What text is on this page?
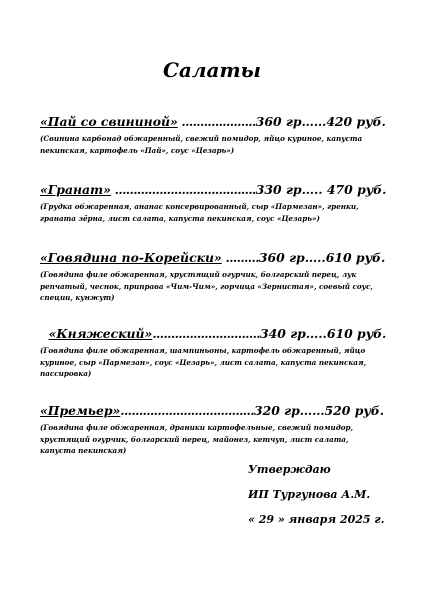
Салаты
«Пай со свининой» ....................360 гр……420 руб.
(Свинина карбонад обжаренный, свежий помидор, яйцо куриное, капуста пекинская, картофель «Пай», соус «Цезарь»)
«Гранат» ......................................330 гр….. 470 руб.
(Грудка обжаренная, ананас консервированный, сыр «Пармезан», гренки, граната зёрна, лист салата, капуста пекинская, соус «Цезарь»)
«Говядина по-Корейски» .........360 гр…..610 руб.
(Говядина филе обжаренная, хрустящий огурчик, болгарский перец, лук репчатый, чеснок, приправа «Чим-Чим», горчица «Зернистая», соевый соус, специи, кунжут)
«Княжеский».............................340 гр…..610 руб.
(Говядина филе обжаренная, шампиньоны, картофель обжаренный, яйцо куриное, сыр «Пармезан», соус «Цезарь», лист салата, капуста пекинская, пассировка)
«Премьер»....................................320 гр……520 руб.
(Говядина филе обжаренная, драники картофельные, свежий помидор, хрустящий огурчик, болгарский перец, майонез, кетчуп, лист салата, капуста пекинская)
Утверждаю
ИП Тургунова А.М.
« 29 » января 2025 г.
